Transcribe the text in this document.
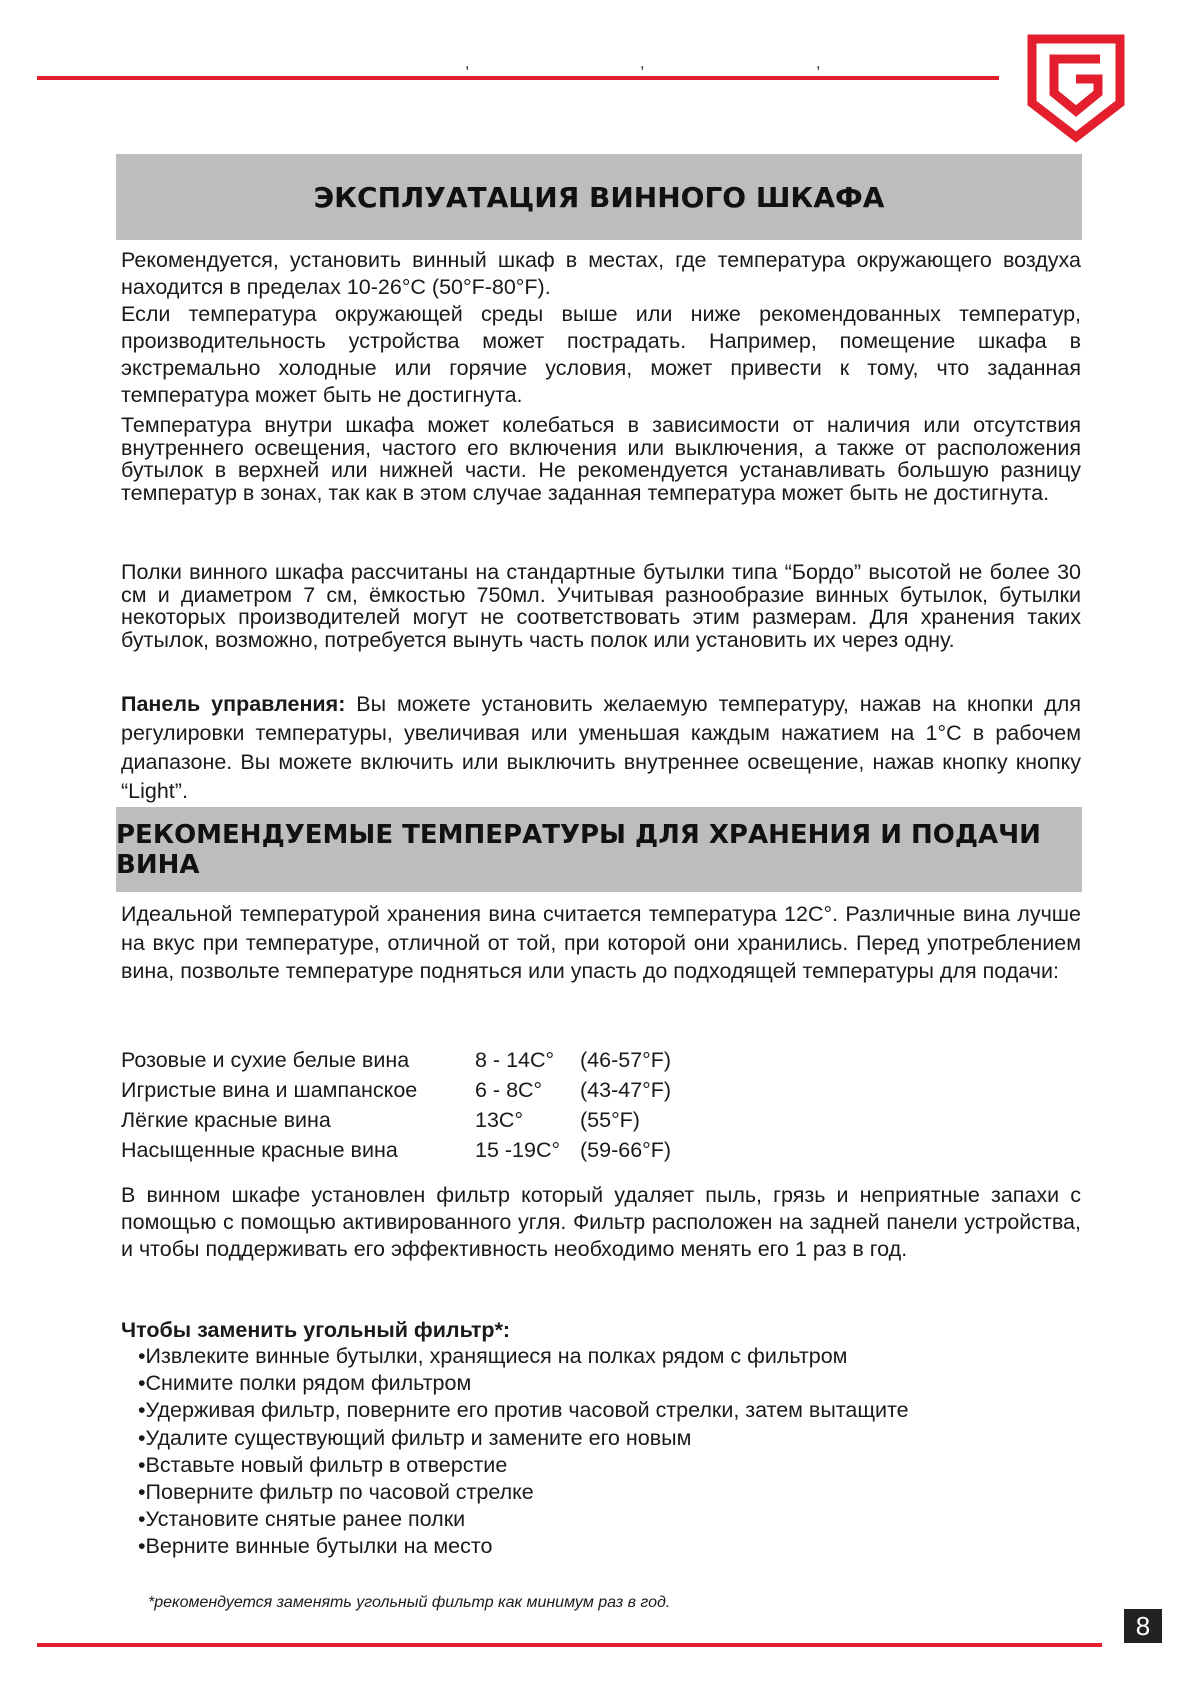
,	,	,
ЭКСПЛУАТАЦИЯ ВИННОГО ШКАФА

Рекомендуется, установить винный шкаф в местах, где температура окружающего воздуха находится в пределах 10-26°С (50°F-80°F).

Если температура окружающей среды выше или ниже рекомендованных температур, производительность устройства может пострадать. Например, помещение шкафа в экстремально холодные или горячие условия, может привести к тому, что заданная температура может быть не достигнута.

Температура внутри шкафа может колебаться в зависимости от наличия или отсутствия внутреннего освещения, частого его включения или выключения, а также от расположения бутылок в верхней или нижней части. Не рекомендуется устанавливать большую разницу температур в зонах, так как в этом случае заданная температура может быть не достигнута.

Полки винного шкафа рассчитаны на стандартные бутылки типа “Бордо” высотой не более 30 см и диаметром 7 см, ёмкостью 750мл. Учитывая разнообразие винных бутылок, бутылки некоторых производителей могут не соответствовать этим размерам. Для хранения таких бутылок, возможно, потребуется вынуть часть полок или установить их через одну.

Панель управления: Вы можете установить желаемую температуру, нажав на кнопки для регулировки температуры, увеличивая или уменьшая каждым нажатием на 1°С в рабочем диапазоне. Вы можете включить или выключить внутреннее освещение, нажав кнопку кнопку “Light”.

РЕКОМЕНДУЕМЫЕ ТЕМПЕРАТУРЫ ДЛЯ ХРАНЕНИЯ И ПОДАЧИ ВИНА

Идеальной температурой хранения вина считается температура 12С°. Различные вина лучше на вкус при температуре, отличной от той, при которой они хранились. Перед употреблением вина, позвольте температуре подняться или упасть до подходящей температуры для подачи:

Розовые и сухие белые вина	8 - 14С°	(46-57°F)
Игристые вина и шампанское	6 - 8С°	(43-47°F)
Лёгкие красные вина	13С°	(55°F)
Насыщенные красные вина	15 -19С° (59-66°F)

В винном шкафе установлен фильтр который удаляет пыль, грязь и неприятные запахи с помощью с помощью активированного угля. Фильтр расположен на задней панели устройства, и чтобы поддерживать его эффективность необходимо менять его 1 раз в год.

Чтобы заменить угольный фильтр*:
•Извлеките винные бутылки, хранящиеся на полках рядом с фильтром
•Снимите полки рядом фильтром
•Удерживая фильтр, поверните его против часовой стрелки, затем вытащите
•Удалите существующий фильтр и замените его новым
•Вставьте новый фильтр в отверстие
•Поверните фильтр по часовой стрелке
•Установите снятые ранее полки
•Верните винные бутылки на место
*рекомендуется заменять угольный фильтр как минимум раз в год.
8
